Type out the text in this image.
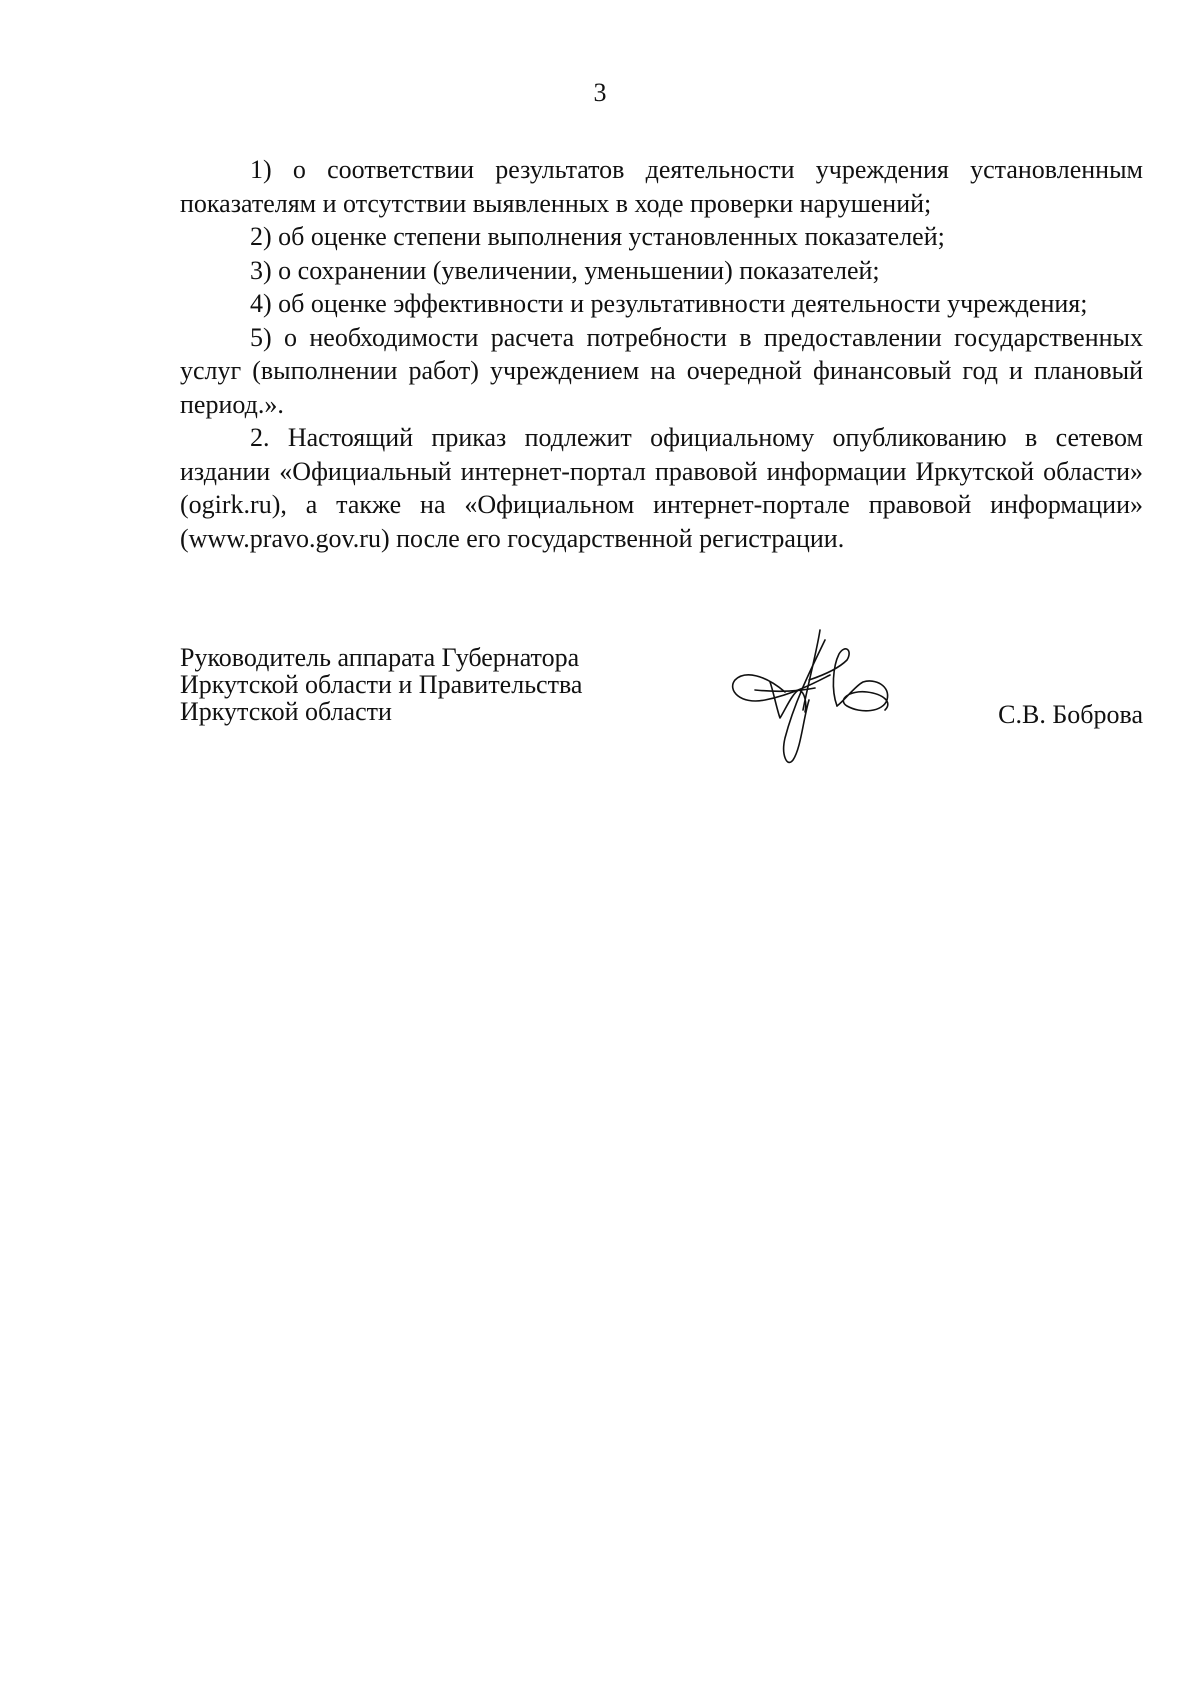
3

1) о соответствии результатов деятельности учреждения установленным показателям и отсутствии выявленных в ходе проверки нарушений;

2) об оценке степени выполнения установленных показателей;

3) о сохранении (увеличении, уменьшении) показателей;

4) об оценке эффективности и результативности деятельности учреждения;

5) о необходимости расчета потребности в предоставлении государственных услуг (выполнении работ) учреждением на очередной финансовый год и плановый период.».

2. Настоящий приказ подлежит официальному опубликованию в сетевом издании «Официальный интернет-портал правовой информации Иркутской области» (ogirk.ru), а также на «Официальном интернет-портале правовой информации» (www.pravo.gov.ru) после его государственной регистрации.

Руководитель аппарата Губернатора
Иркутской области и Правительства
Иркутской области	С.В. Боброва
